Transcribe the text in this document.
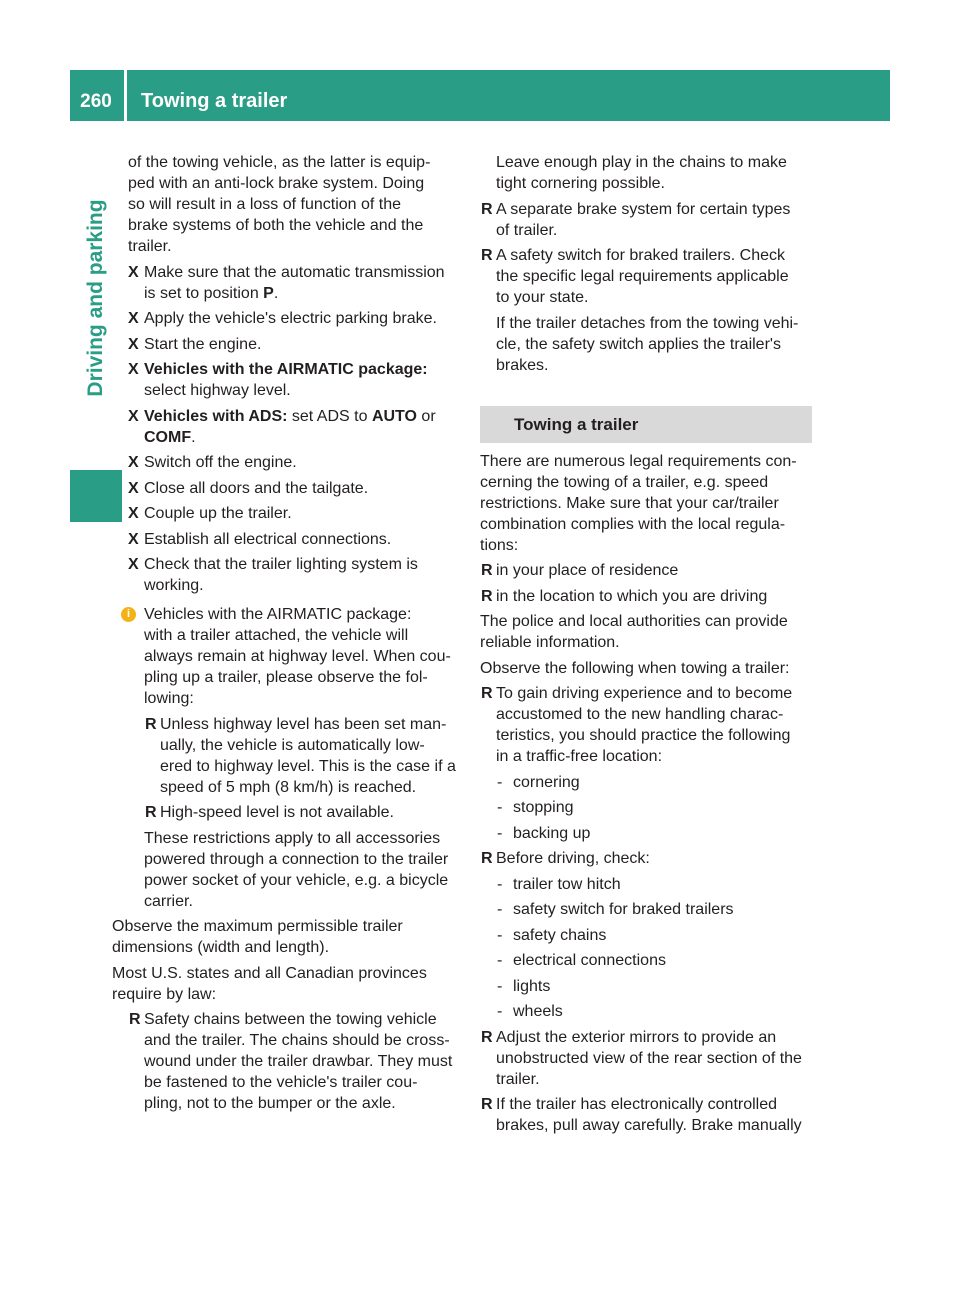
260	Towing a trailer
Driving and parking
of the towing vehicle, as the latter is equip-
ped with an anti-lock brake system. Doing
so will result in a loss of function of the
brake systems of both the vehicle and the
trailer.
X Make sure that the automatic transmission
is set to position P.
X Apply the vehicle's electric parking brake.
X Start the engine.
X Vehicles with the AIRMATIC package:
select highway level.
X Vehicles with ADS: set ADS to AUTO or
COMF.
X Switch off the engine.
X Close all doors and the tailgate.
X Couple up the trailer.
X Establish all electrical connections.
X Check that the trailer lighting system is
working.
i Vehicles with the AIRMATIC package:
with a trailer attached, the vehicle will
always remain at highway level. When cou-
pling up a trailer, please observe the fol-
lowing:
R Unless highway level has been set man-
ually, the vehicle is automatically low-
ered to highway level. This is the case if a
speed of 5 mph (8 km/h) is reached.
R High-speed level is not available.
These restrictions apply to all accessories
powered through a connection to the trailer
power socket of your vehicle, e.g. a bicycle
carrier.
Observe the maximum permissible trailer
dimensions (width and length).
Most U.S. states and all Canadian provinces
require by law:
R Safety chains between the towing vehicle
and the trailer. The chains should be cross-
wound under the trailer drawbar. They must
be fastened to the vehicle's trailer cou-
pling, not to the bumper or the axle.
Leave enough play in the chains to make
tight cornering possible.
R A separate brake system for certain types
of trailer.
R A safety switch for braked trailers. Check
the specific legal requirements applicable
to your state.
If the trailer detaches from the towing vehi-
cle, the safety switch applies the trailer's
brakes.
Towing a trailer
There are numerous legal requirements con-
cerning the towing of a trailer, e.g. speed
restrictions. Make sure that your car/trailer
combination complies with the local regula-
tions:
R in your place of residence
R in the location to which you are driving
The police and local authorities can provide
reliable information.
Observe the following when towing a trailer:
R To gain driving experience and to become
accustomed to the new handling charac-
teristics, you should practice the following
in a traffic-free location:
- cornering
- stopping
- backing up
R Before driving, check:
- trailer tow hitch
- safety switch for braked trailers
- safety chains
- electrical connections
- lights
- wheels
R Adjust the exterior mirrors to provide an
unobstructed view of the rear section of the
trailer.
R If the trailer has electronically controlled
brakes, pull away carefully. Brake manually
